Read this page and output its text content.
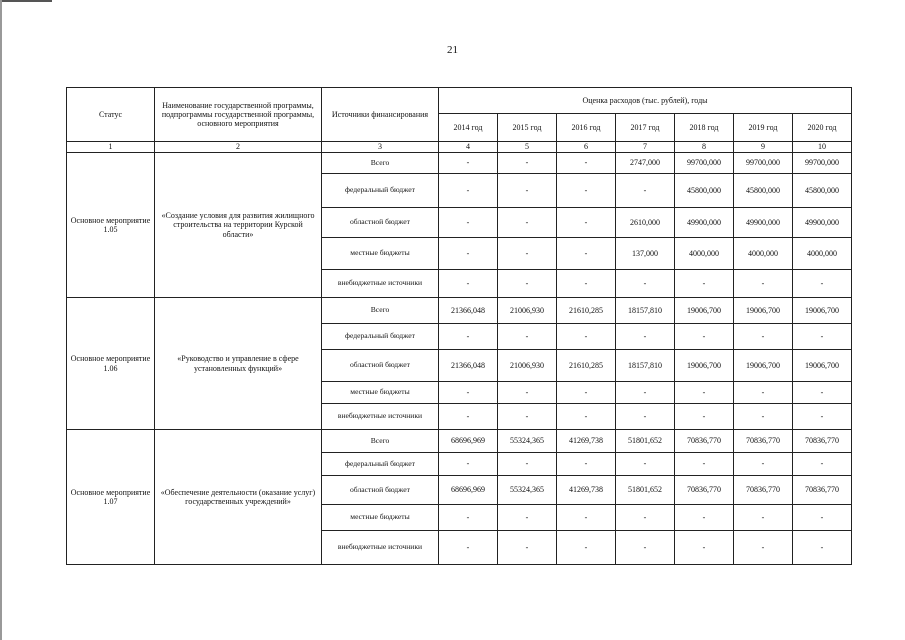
21
Статус	Наименование государственной программы, подпрограммы государственной программы, основного мероприятия	Источники финансирования	Оценка расходов (тыс. рублей), годы						
			2014 год	2015 год	2016 год	2017 год	2018 год	2019 год	2020 год
1	2	3	4	5	6	7	8	9	10
Основное мероприятие 1.05	«Создание условия для развития жилищного строительства на территории Курской области»	Всего	-	-	-	2747,000	99700,000	99700,000	99700,000
		федеральный бюджет	-	-	-	-	45800,000	45800,000	45800,000
		областной бюджет	-	-	-	2610,000	49900,000	49900,000	49900,000
		местные бюджеты	-	-	-	137,000	4000,000	4000,000	4000,000
		внебюджетные источники	-	-	-	-	-	-	-
Основное мероприятие 1.06	«Руководство и управление в сфере установленных функций»	Всего	21366,048	21006,930	21610,285	18157,810	19006,700	19006,700	19006,700
		федеральный бюджет	-	-	-	-	-	-	-
		областной бюджет	21366,048	21006,930	21610,285	18157,810	19006,700	19006,700	19006,700
		местные бюджеты	-	-	-	-	-	-	-
		внебюджетные источники	-	-	-	-	-	-	-
Основное мероприятие 1.07	«Обеспечение деятельности (оказание услуг) государственных учреждений»	Всего	68696,969	55324,365	41269,738	51801,652	70836,770	70836,770	70836,770
		федеральный бюджет	-	-	-	-	-	-	-
		областной бюджет	68696,969	55324,365	41269,738	51801,652	70836,770	70836,770	70836,770
		местные бюджеты	-	-	-	-	-	-	-
		внебюджетные источники	-	-	-	-	-	-	-
